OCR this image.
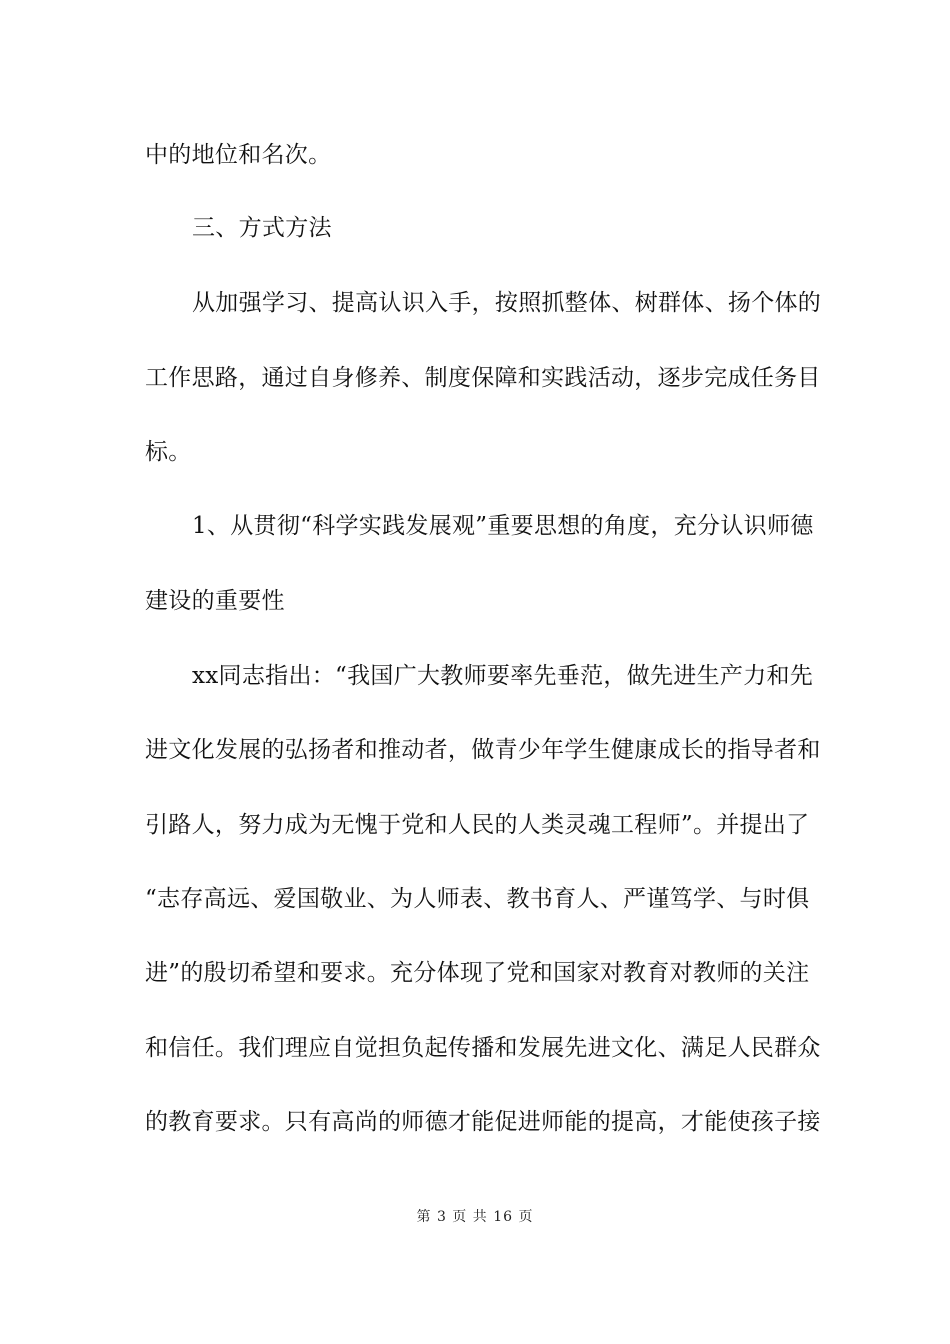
中的地位和名次。
三、方式方法
从加强学习、提高认识入手，按照抓整体、树群体、扬个体的
工作思路，通过自身修养、制度保障和实践活动，逐步完成任务目
标。
1、从贯彻“科学实践发展观”重要思想的角度，充分认识师德
建设的重要性
xx同志指出：“我国广大教师要率先垂范，做先进生产力和先
进文化发展的弘扬者和推动者，做青少年学生健康成长的指导者和
引路人，努力成为无愧于党和人民的人类灵魂工程师”。并提出了
“志存高远、爱国敬业、为人师表、教书育人、严谨笃学、与时俱
进”的殷切希望和要求。充分体现了党和国家对教育对教师的关注
和信任。我们理应自觉担负起传播和发展先进文化、满足人民群众
的教育要求。只有高尚的师德才能促进师能的提高，才能使孩子接
第 3 页 共 16 页
